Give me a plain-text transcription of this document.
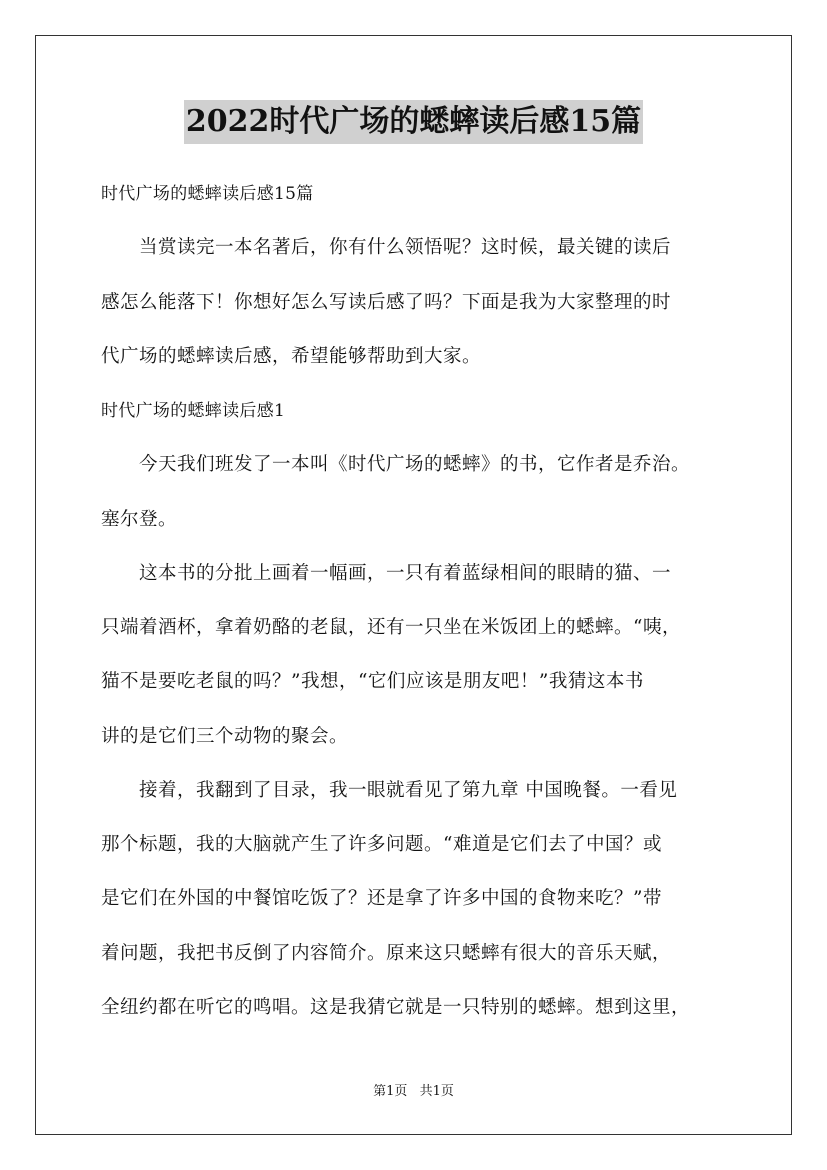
2022时代广场的蟋蟀读后感15篇
时代广场的蟋蟀读后感15篇
　　当赏读完一本名著后，你有什么领悟呢？这时候，最关键的读后
感怎么能落下！你想好怎么写读后感了吗？下面是我为大家整理的时
代广场的蟋蟀读后感，希望能够帮助到大家。
时代广场的蟋蟀读后感1
　　今天我们班发了一本叫《时代广场的蟋蟀》的书，它作者是乔治。
塞尔登。
　　这本书的分批上画着一幅画，一只有着蓝绿相间的眼睛的猫、一
只端着酒杯，拿着奶酪的老鼠，还有一只坐在米饭团上的蟋蟀。“咦，
猫不是要吃老鼠的吗？”我想，“它们应该是朋友吧！”我猜这本书
讲的是它们三个动物的聚会。
　　接着，我翻到了目录，我一眼就看见了第九章 中国晚餐。一看见
那个标题，我的大脑就产生了许多问题。“难道是它们去了中国？或
是它们在外国的中餐馆吃饭了？还是拿了许多中国的食物来吃？”带
着问题，我把书反倒了内容简介。原来这只蟋蟀有很大的音乐天赋，
全纽约都在听它的鸣唱。这是我猜它就是一只特别的蟋蟀。想到这里，
第1页 共1页
